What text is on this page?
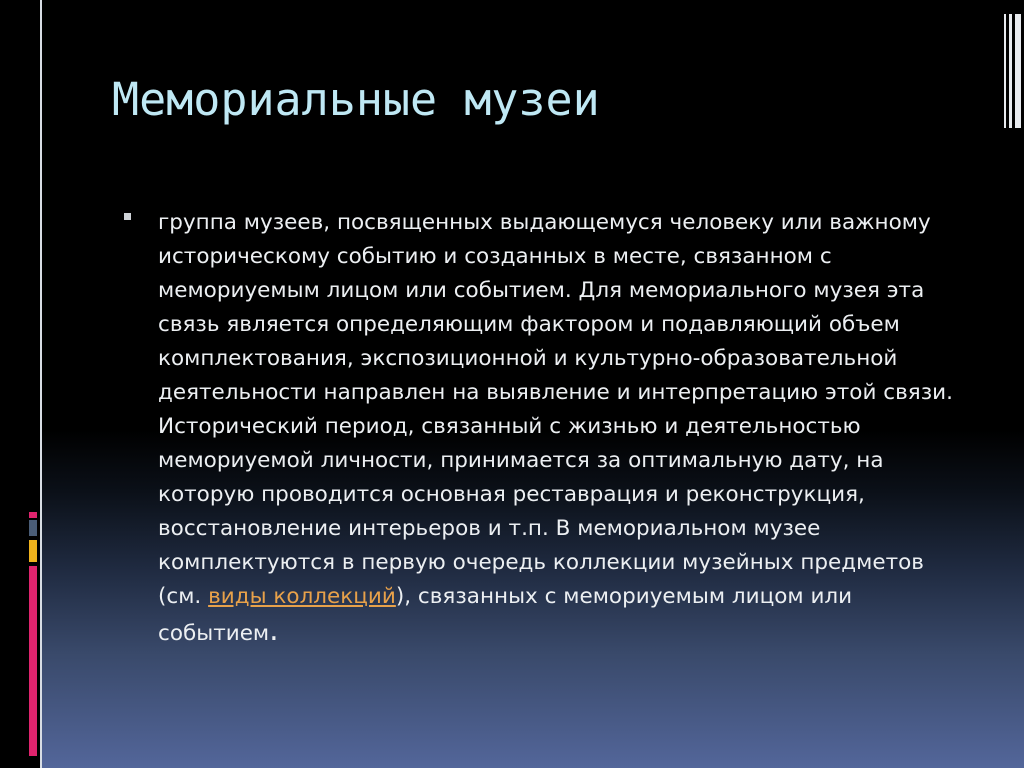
Мемориальные музеи

группа музеев, посвященных выдающемуся человеку или важному историческому событию и созданных в месте, связанном с мемориуемым лицом или событием. Для мемориального музея эта связь является определяющим фактором и подавляющий объем комплектования, экспозиционной и культурно-образовательной деятельности направлен на выявление и интерпретацию этой связи. Исторический период, связанный с жизнью и деятельностью мемориуемой личности, принимается за оптимальную дату, на которую проводится основная реставрация и реконструкция, восстановление интерьеров и т.п. В мемориальном музее комплектуются в первую очередь коллекции музейных предметов (см. виды коллекций), связанных с мемориуемым лицом или событием.
